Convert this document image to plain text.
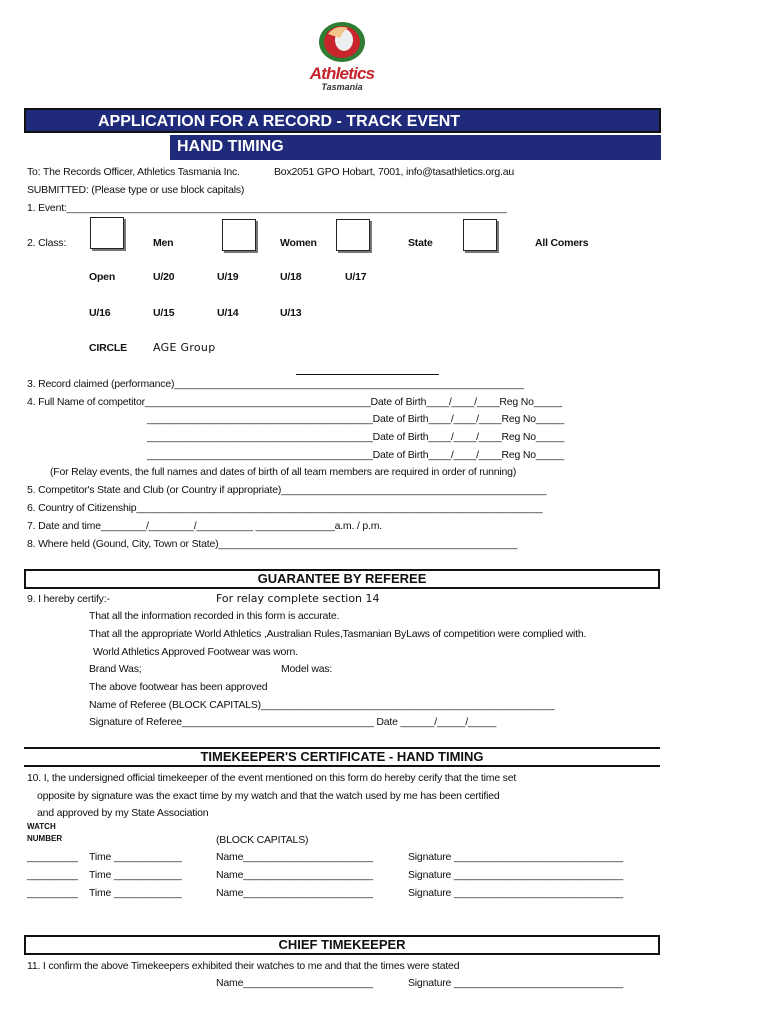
Athletics
Tasmania
APPLICATION FOR A RECORD - TRACK EVENT
HAND TIMING
To: The Records Officer, Athletics Tasmania Inc.	Box2051 GPO Hobart, 7001, info@tasathletics.org.au
SUBMITTED: (Please type or use block capitals)
1. Event:______________________________________________________________________________
2. Class:	Men	Women	State	All Comers
Open	U/20	U/19	U/18	U/17
U/16	U/15	U/14	U/13
CIRCLE AGE Group
3. Record claimed (performance)______________________________________________________________
4. Full Name of competitor________________________________________Date of Birth____/____/____Reg No_____
________________________________________Date of Birth____/____/____Reg No_____
________________________________________Date of Birth____/____/____Reg No_____
________________________________________Date of Birth____/____/____Reg No_____
(For Relay events, the full names and dates of birth of all team members are required in order of running)
5. Competitor's State and Club (or Country if appropriate)_______________________________________________
6. Country of Citizenship________________________________________________________________________
7. Date and time________/________/__________ ______________a.m. / p.m.
8. Where held (Gound, City, Town or State)_____________________________________________________
GUARANTEE BY REFEREE
9. I hereby certify:-	For relay complete section 14
That all the information recorded in this form is accurate.
That all the appropriate World Athletics ,Australian Rules,Tasmanian ByLaws of competition were complied with.
World Athletics Approved Footwear was worn.
Brand Was;	Model was:
The above footwear has been approved
Name of Referee (BLOCK CAPITALS)____________________________________________________
Signature of Referee__________________________________ Date ______/_____/_____
TIMEKEEPER'S CERTIFICATE - HAND TIMING
10. I, the undersigned official timekeeper of the event mentioned on this form do hereby cerify that the time set
opposite by signature was the exact time by my watch and that the watch used by me has been certified
and approved by my State Association
WATCH
NUMBER	(BLOCK CAPITALS)
_________ Time ____________	Name_______________________	Signature ______________________________
_________ Time ____________	Name_______________________	Signature ______________________________
_________ Time ____________	Name_______________________	Signature ______________________________
CHIEF TIMEKEEPER
11. I confirm the above Timekeepers exhibited their watches to me and that the times were stated
Name_______________________	Signature ______________________________
